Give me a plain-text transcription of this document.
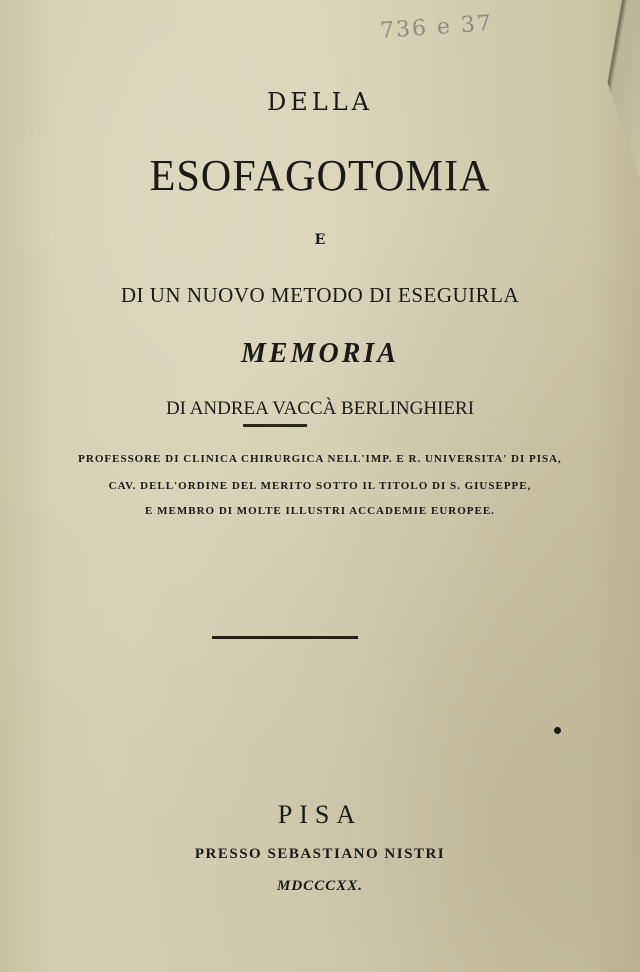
736 e 37
DELLA
ESOFAGOTOMIA
E
DI UN NUOVO METODO DI ESEGUIRLA
MEMORIA
DI ANDREA VACCÀ BERLINGHIERI
PROFESSORE DI CLINICA CHIRURGICA NELL'IMP. E R. UNIVERSITA' DI PISA,
CAV. DELL'ORDINE DEL MERITO SOTTO IL TITOLO DI S. GIUSEPPE,
E MEMBRO DI MOLTE ILLUSTRI ACCADEMIE EUROPEE.
PISA
PRESSO SEBASTIANO NISTRI
MDCCCXX.
